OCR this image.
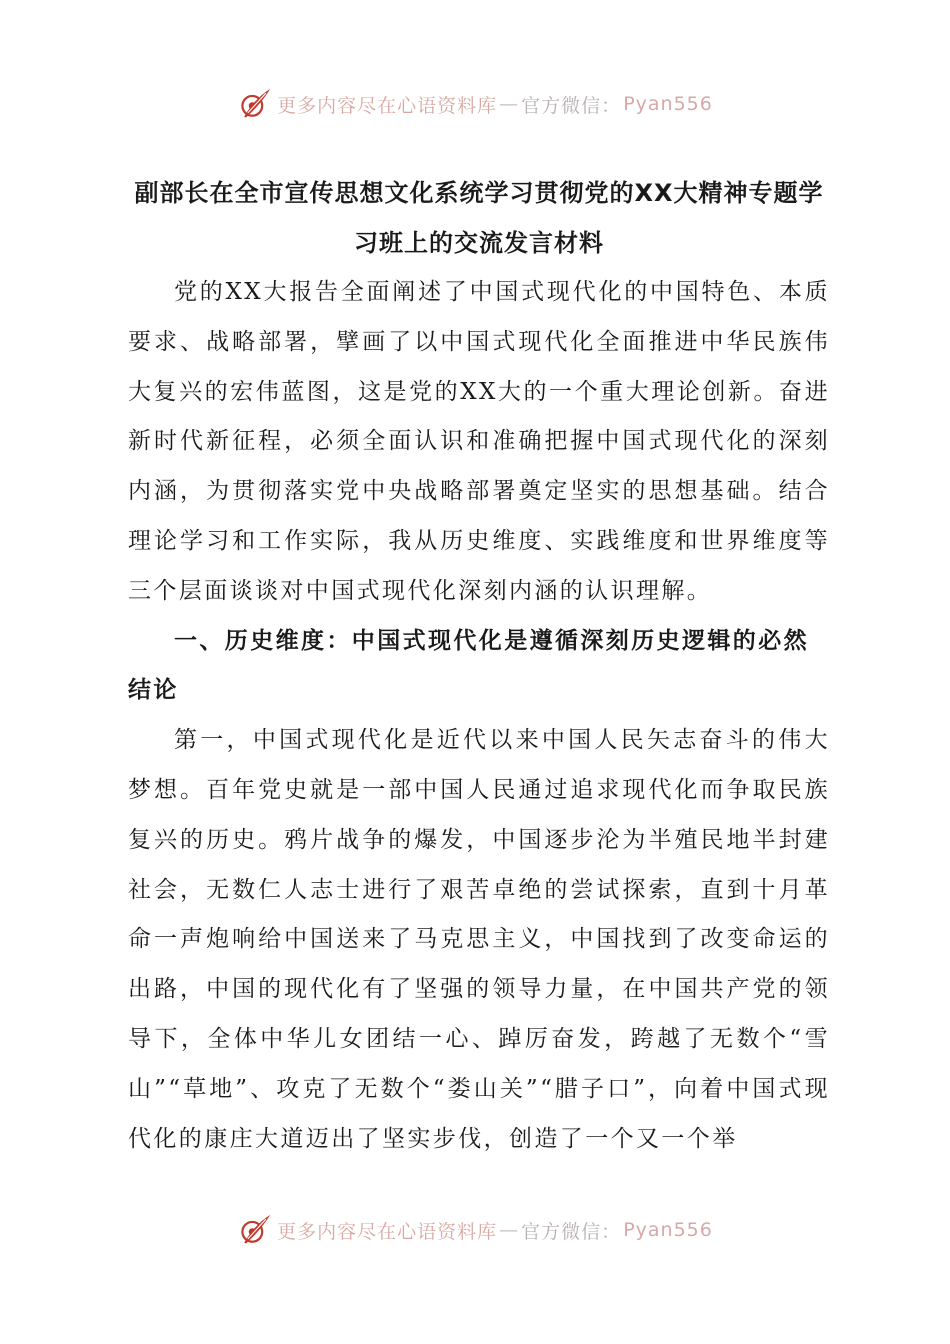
更多内容尽在心语资料库 — 官方微信： Pyan556
副部长在全市宣传思想文化系统学习贯彻党的XX大精神专题学习班上的交流发言材料

党的XX大报告全面阐述了中国式现代化的中国特色、本质要求、战略部署，擘画了以中国式现代化全面推进中华民族伟大复兴的宏伟蓝图，这是党的XX大的一个重大理论创新。奋进新时代新征程，必须全面认识和准确把握中国式现代化的深刻内涵，为贯彻落实党中央战略部署奠定坚实的思想基础。结合理论学习和工作实际，我从历史维度、实践维度和世界维度等三个层面谈谈对中国式现代化深刻内涵的认识理解。

一、历史维度：中国式现代化是遵循深刻历史逻辑的必然结论

第一，中国式现代化是近代以来中国人民矢志奋斗的伟大梦想。百年党史就是一部中国人民通过追求现代化而争取民族复兴的历史。鸦片战争的爆发，中国逐步沦为半殖民地半封建社会，无数仁人志士进行了艰苦卓绝的尝试探索，直到十月革命一声炮响给中国送来了马克思主义，中国找到了改变命运的出路，中国的现代化有了坚强的领导力量，在中国共产党的领导下，全体中华儿女团结一心、踔厉奋发，跨越了无数个“雪山”“草地”、攻克了无数个“娄山关”“腊子口”，向着中国式现代化的康庄大道迈出了坚实步伐，创造了一个又一个举

更多内容尽在心语资料库 — 官方微信： Pyan556
